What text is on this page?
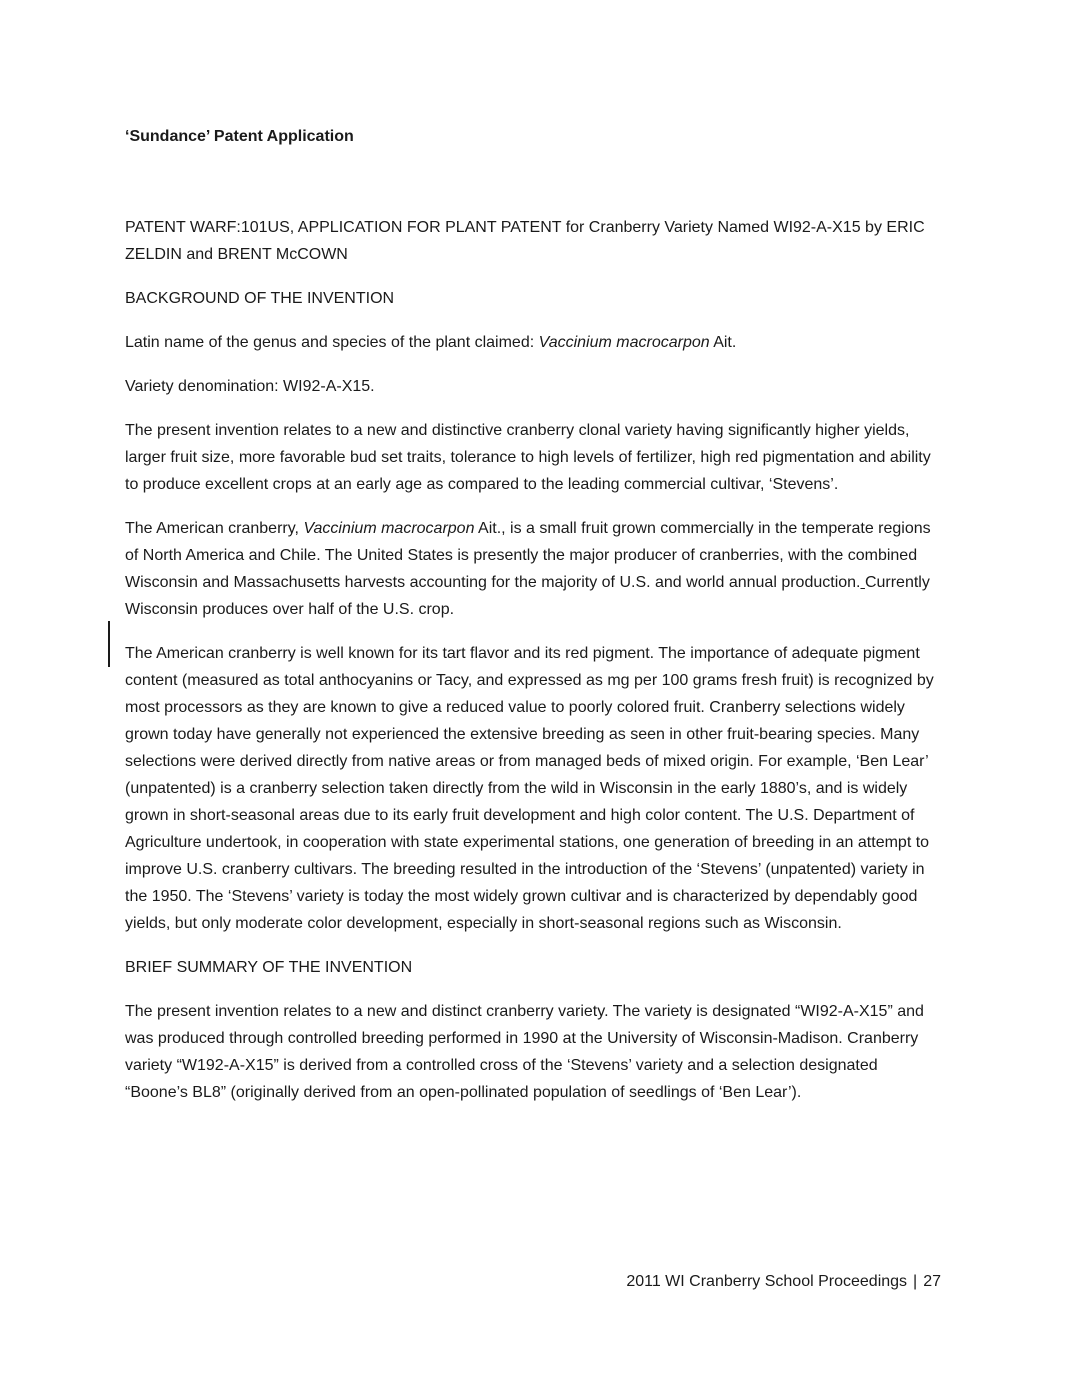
‘Sundance’ Patent Application

PATENT WARF:101US, APPLICATION FOR PLANT PATENT for Cranberry Variety Named WI92-A-X15 by ERIC ZELDIN and BRENT McCOWN

BACKGROUND OF THE INVENTION

Latin name of the genus and species of the plant claimed: Vaccinium macrocarpon Ait.

Variety denomination: WI92-A-X15.

The present invention relates to a new and distinctive cranberry clonal variety having significantly higher yields, larger fruit size, more favorable bud set traits, tolerance to high levels of fertilizer, high red pigmentation and ability to produce excellent crops at an early age as compared to the leading commercial cultivar, ‘Stevens’.

The American cranberry, Vaccinium macrocarpon Ait., is a small fruit grown commercially in the temperate regions of North America and Chile. The United States is presently the major producer of cranberries, with the combined Wisconsin and Massachusetts harvests accounting for the majority of U.S. and world annual production. Currently Wisconsin produces over half of the U.S. crop.

The American cranberry is well known for its tart flavor and its red pigment. The importance of adequate pigment content (measured as total anthocyanins or Tacy, and expressed as mg per 100 grams fresh fruit) is recognized by most processors as they are known to give a reduced value to poorly colored fruit. Cranberry selections widely grown today have generally not experienced the extensive breeding as seen in other fruit-bearing species. Many selections were derived directly from native areas or from managed beds of mixed origin. For example, ‘Ben Lear’ (unpatented) is a cranberry selection taken directly from the wild in Wisconsin in the early 1880’s, and is widely grown in short-seasonal areas due to its early fruit development and high color content. The U.S. Department of Agriculture undertook, in cooperation with state experimental stations, one generation of breeding in an attempt to improve U.S. cranberry cultivars. The breeding resulted in the introduction of the ‘Stevens’ (unpatented) variety in the 1950. The ‘Stevens’ variety is today the most widely grown cultivar and is characterized by dependably good yields, but only moderate color development, especially in short-seasonal regions such as Wisconsin.

BRIEF SUMMARY OF THE INVENTION

The present invention relates to a new and distinct cranberry variety. The variety is designated “WI92-A-X15” and was produced through controlled breeding performed in 1990 at the University of Wisconsin-Madison. Cranberry variety “W192-A-X15” is derived from a controlled cross of the ‘Stevens’ variety and a selection designated “Boone’s BL8” (originally derived from an open-pollinated population of seedlings of ‘Ben Lear’).

2011 WI Cranberry School Proceedings | 27
